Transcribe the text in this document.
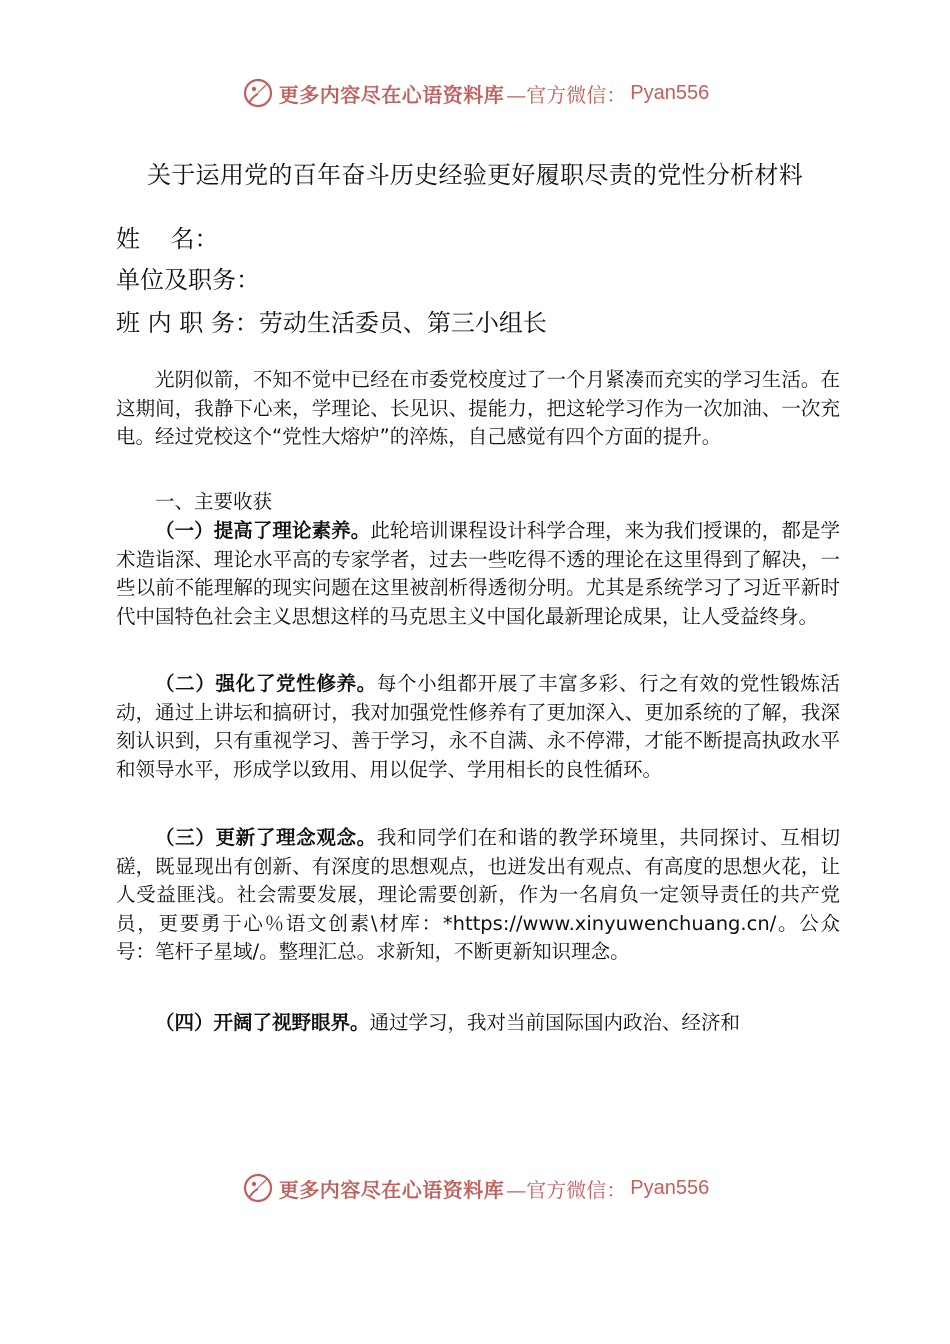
更多内容尽在心语资料库 —官方微信： Pyan556
关于运用党的百年奋斗历史经验更好履职尽责的党性分析材料
姓    名：
单位及职务：
班 内 职 务：劳动生活委员、第三小组长

光阴似箭，不知不觉中已经在市委党校度过了一个月紧凑而充实的学习生活。在这期间，我静下心来，学理论、长见识、提能力，把这轮学习作为一次加油、一次充电。经过党校这个“党性大熔炉”的淬炼，自己感觉有四个方面的提升。

一、主要收获

（一）提高了理论素养。此轮培训课程设计科学合理，来为我们授课的，都是学术造诣深、理论水平高的专家学者，过去一些吃得不透的理论在这里得到了解决，一些以前不能理解的现实问题在这里被剖析得透彻分明。尤其是系统学习了习近平新时代中国特色社会主义思想这样的马克思主义中国化最新理论成果，让人受益终身。

（二）强化了党性修养。每个小组都开展了丰富多彩、行之有效的党性锻炼活动，通过上讲坛和搞研讨，我对加强党性修养有了更加深入、更加系统的了解，我深刻认识到，只有重视学习、善于学习，永不自满、永不停滞，才能不断提高执政水平和领导水平，形成学以致用、用以促学、学用相长的良性循环。

（三）更新了理念观念。我和同学们在和谐的教学环境里，共同探讨、互相切磋，既显现出有创新、有深度的思想观点，也迸发出有观点、有高度的思想火花，让人受益匪浅。社会需要发展，理论需要创新，作为一名肩负一定领导责任的共产党员，更要勇于心％语文创素\材库：*https://www.xinyuwenchuang.cn/。公众号：笔杆子星域/。整理汇总。求新知，不断更新知识理念。

（四）开阔了视野眼界。通过学习，我对当前国际国内政治、经济和

更多内容尽在心语资料库 —官方微信： Pyan556
